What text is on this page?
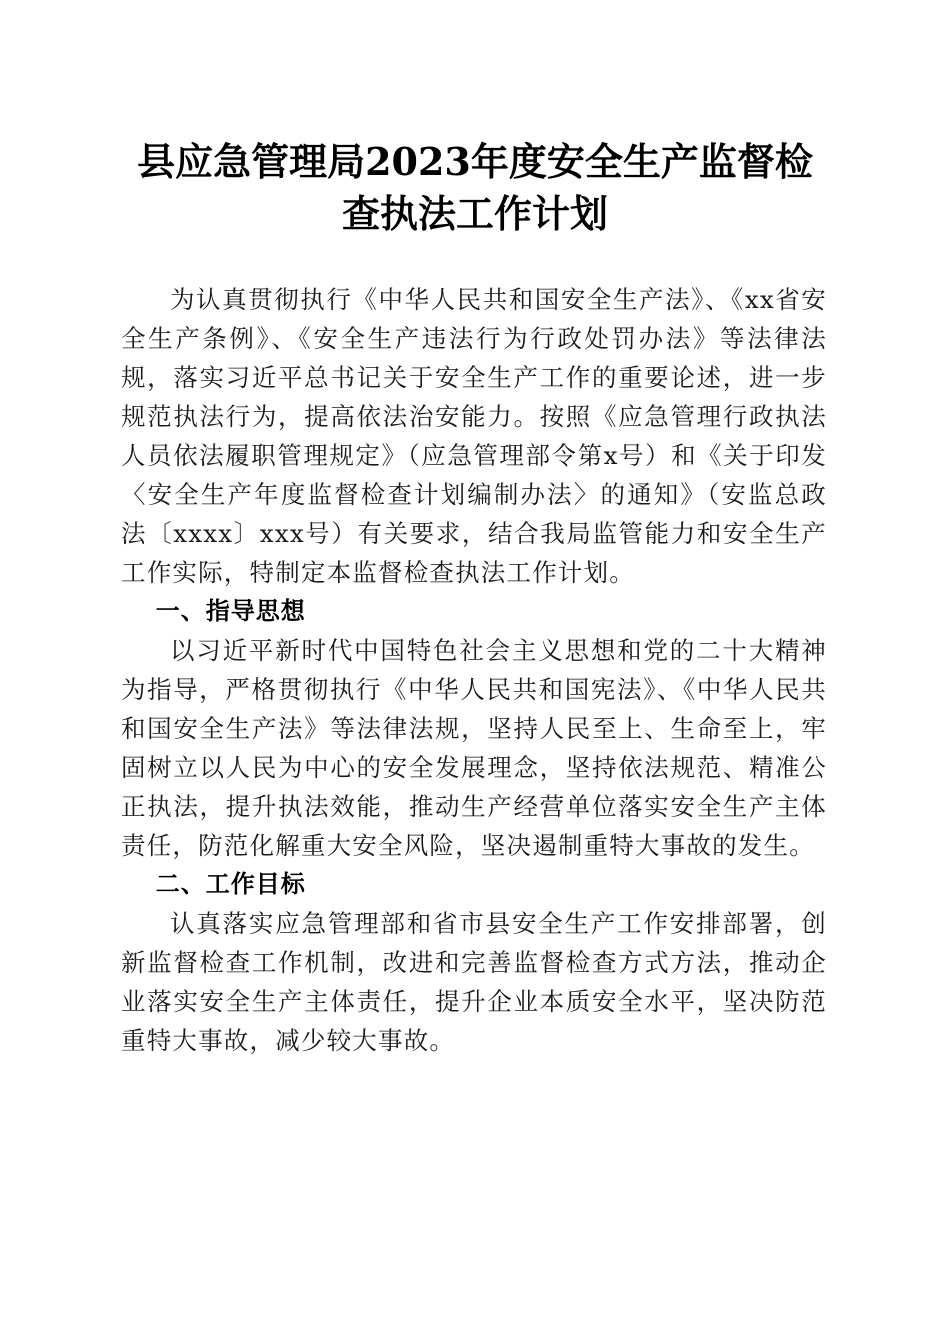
县应急管理局2023年度安全生产监督检查执法工作计划

为认真贯彻执行《中华人民共和国安全生产法》、《xx省安全生产条例》、《安全生产违法行为行政处罚办法》等法律法规，落实习近平总书记关于安全生产工作的重要论述，进一步规范执法行为，提高依法治安能力。按照《应急管理行政执法人员依法履职管理规定》（应急管理部令第x号）和《关于印发〈安全生产年度监督检查计划编制办法〉的通知》（安监总政法〔xxxx〕xxx号）有关要求，结合我局监管能力和安全生产工作实际，特制定本监督检查执法工作计划。

一、指导思想

以习近平新时代中国特色社会主义思想和党的二十大精神为指导，严格贯彻执行《中华人民共和国宪法》、《中华人民共和国安全生产法》等法律法规，坚持人民至上、生命至上，牢固树立以人民为中心的安全发展理念，坚持依法规范、精准公正执法，提升执法效能，推动生产经营单位落实安全生产主体责任，防范化解重大安全风险，坚决遏制重特大事故的发生。

二、工作目标

认真落实应急管理部和省市县安全生产工作安排部署，创新监督检查工作机制，改进和完善监督检查方式方法，推动企业落实安全生产主体责任，提升企业本质安全水平，坚决防范重特大事故，减少较大事故。
